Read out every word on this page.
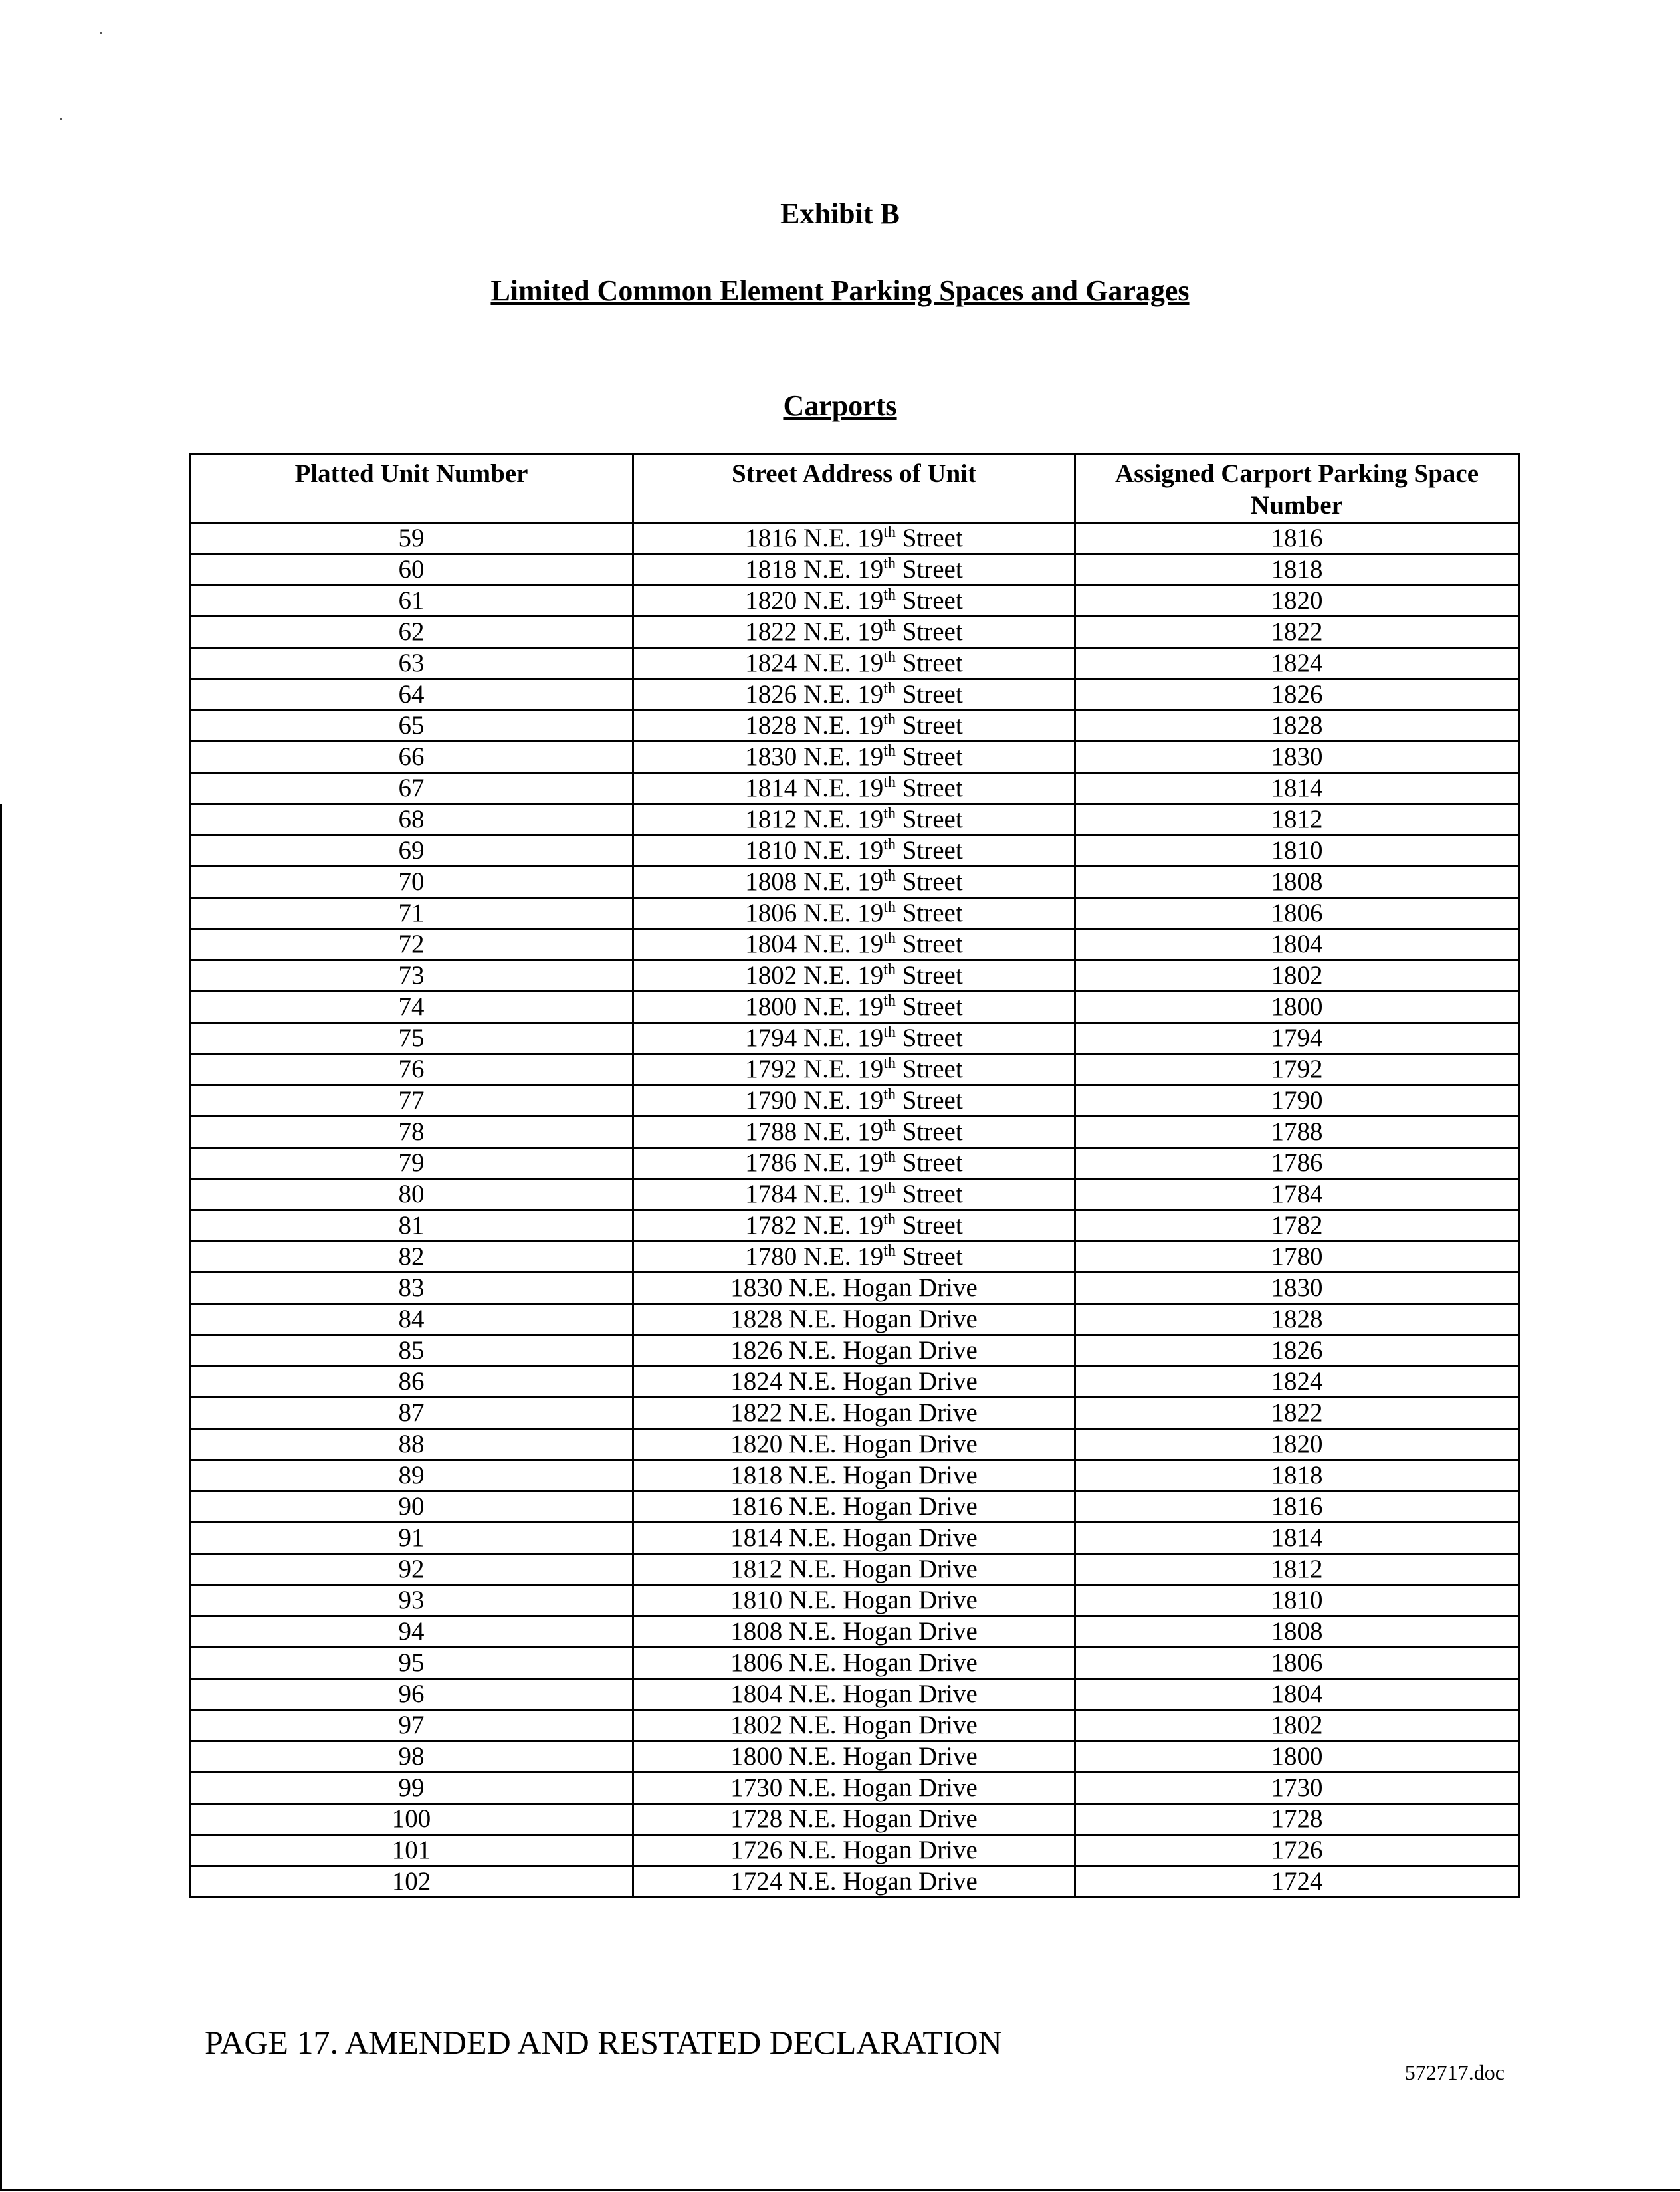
Exhibit B
Limited Common Element Parking Spaces and Garages
Carports
Platted Unit Number	Street Address of Unit	Assigned Carport Parking Space Number
59	1816 N.E. 19th Street	1816
60	1818 N.E. 19th Street	1818
61	1820 N.E. 19th Street	1820
62	1822 N.E. 19th Street	1822
63	1824 N.E. 19th Street	1824
64	1826 N.E. 19th Street	1826
65	1828 N.E. 19th Street	1828
66	1830 N.E. 19th Street	1830
67	1814 N.E. 19th Street	1814
68	1812 N.E. 19th Street	1812
69	1810 N.E. 19th Street	1810
70	1808 N.E. 19th Street	1808
71	1806 N.E. 19th Street	1806
72	1804 N.E. 19th Street	1804
73	1802 N.E. 19th Street	1802
74	1800 N.E. 19th Street	1800
75	1794 N.E. 19th Street	1794
76	1792 N.E. 19th Street	1792
77	1790 N.E. 19th Street	1790
78	1788 N.E. 19th Street	1788
79	1786 N.E. 19th Street	1786
80	1784 N.E. 19th Street	1784
81	1782 N.E. 19th Street	1782
82	1780 N.E. 19th Street	1780
83	1830 N.E. Hogan Drive	1830
84	1828 N.E. Hogan Drive	1828
85	1826 N.E. Hogan Drive	1826
86	1824 N.E. Hogan Drive	1824
87	1822 N.E. Hogan Drive	1822
88	1820 N.E. Hogan Drive	1820
89	1818 N.E. Hogan Drive	1818
90	1816 N.E. Hogan Drive	1816
91	1814 N.E. Hogan Drive	1814
92	1812 N.E. Hogan Drive	1812
93	1810 N.E. Hogan Drive	1810
94	1808 N.E. Hogan Drive	1808
95	1806 N.E. Hogan Drive	1806
96	1804 N.E. Hogan Drive	1804
97	1802 N.E. Hogan Drive	1802
98	1800 N.E. Hogan Drive	1800
99	1730 N.E. Hogan Drive	1730
100	1728 N.E. Hogan Drive	1728
101	1726 N.E. Hogan Drive	1726
102	1724 N.E. Hogan Drive	1724

PAGE 17. AMENDED AND RESTATED DECLARATION

572717.doc
